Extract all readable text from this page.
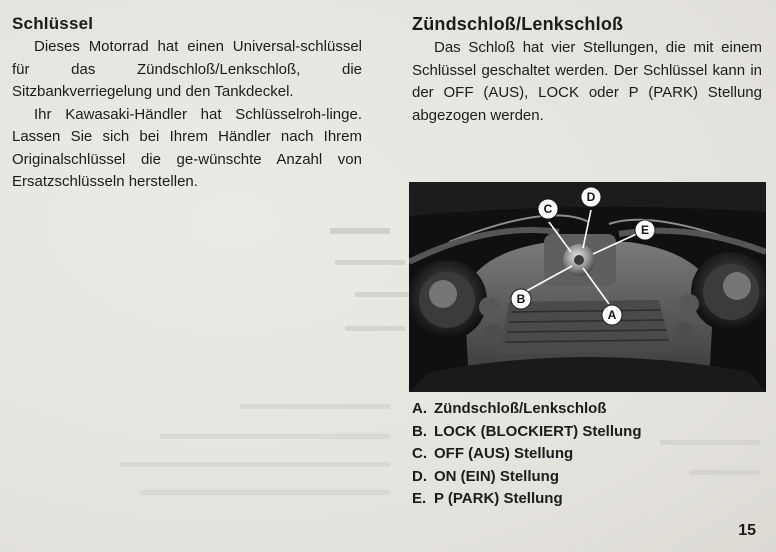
Schlüssel

Dieses Motorrad hat einen Universal-schlüssel für das Zündschloß/Lenkschloß, die Sitzbankverriegelung und den Tankdeckel.

Ihr Kawasaki-Händler hat Schlüsselroh-linge. Lassen Sie sich bei Ihrem Händler nach Ihrem Originalschlüssel die ge-wünschte Anzahl von Ersatzschlüsseln herstellen.

Zündschloß/Lenkschloß

Das Schloß hat vier Stellungen, die mit einem Schlüssel geschaltet werden. Der Schlüssel kann in der OFF (AUS), LOCK oder P (PARK) Stellung abgezogen werden.

C
D
E
B
A
A. Zündschloß/Lenkschloß
B. LOCK (BLOCKIERT) Stellung
C. OFF (AUS) Stellung
D. ON (EIN) Stellung
E. P (PARK) Stellung
15
